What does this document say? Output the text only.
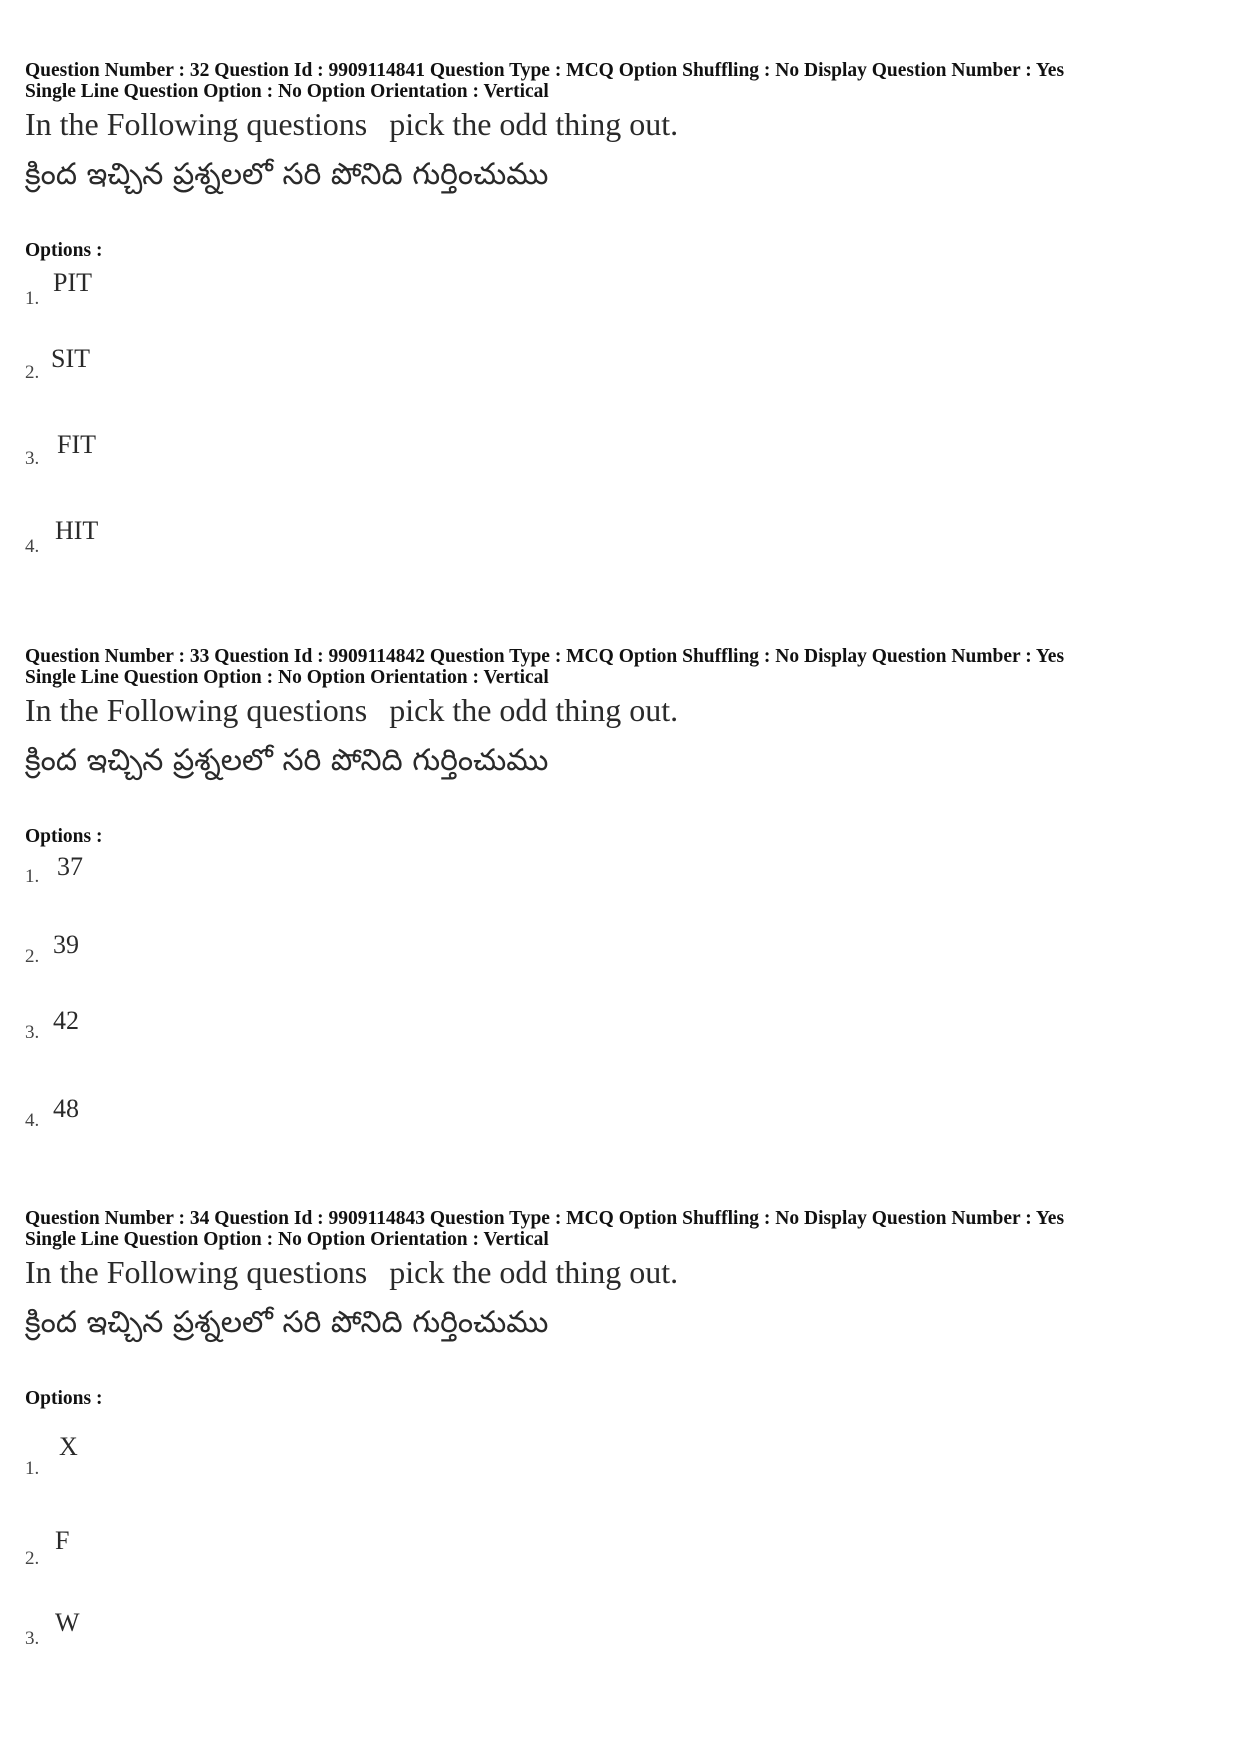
Question Number : 32 Question Id : 9909114841 Question Type : MCQ Option Shuffling : No Display Question Number : Yes

Single Line Question Option : No Option Orientation : Vertical

In the Following questions pick the odd thing out.
క్రింద ఇచ్చిన ప్రశ్నలలో సరి పోనిది గుర్తించుము
Options :
1.
PIT
2. SIT
3. FIT
4.
HIT

Question Number : 33 Question Id : 9909114842 Question Type : MCQ Option Shuffling : No Display Question Number : Yes

Single Line Question Option : No Option Orientation : Vertical

In the Following questions pick the odd thing out.
క్రింద ఇచ్చిన ప్రశ్నలలో సరి పోనిది గుర్తించుము
Options :
1. 37
2. 39
3. 42
4. 48

Question Number : 34 Question Id : 9909114843 Question Type : MCQ Option Shuffling : No Display Question Number : Yes

Single Line Question Option : No Option Orientation : Vertical

In the Following questions pick the odd thing out.
క్రింద ఇచ్చిన ప్రశ్నలలో సరి పోనిది గుర్తించుము
Options :
1.
X
2.
F
3.
W
